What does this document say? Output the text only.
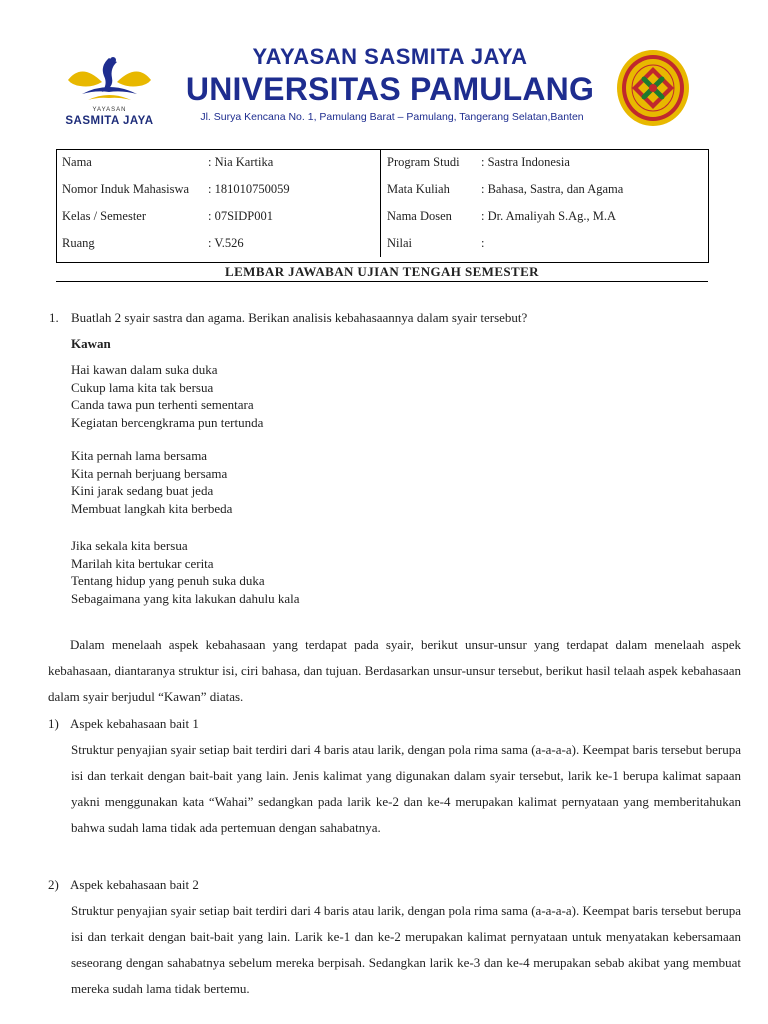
YAYASAN
SASMITA JAYA
YAYASAN SASMITA JAYA
UNIVERSITAS PAMULANG
Jl. Surya Kencana No. 1, Pamulang Barat – Pamulang, Tangerang Selatan,Banten
Nama	: Nia Kartika	Program Studi	: Sastra Indonesia
Nomor Induk Mahasiswa	: 181010750059	Mata Kuliah	: Bahasa, Sastra, dan Agama
Kelas / Semester	: 07SIDP001	Nama Dosen	: Dr. Amaliyah S.Ag., M.A
Ruang	: V.526	Nilai	:
LEMBAR JAWABAN UJIAN TENGAH SEMESTER
1. Buatlah 2 syair sastra dan agama. Berikan analisis kebahasaannya dalam syair tersebut?
Kawan
Hai kawan dalam suka duka
Cukup lama kita tak bersua
Canda tawa pun terhenti sementara
Kegiatan bercengkrama pun tertunda
Kita pernah lama bersama
Kita pernah berjuang bersama
Kini jarak sedang buat jeda
Membuat langkah kita berbeda
Jika sekala kita bersua
Marilah kita bertukar cerita
Tentang hidup yang penuh suka duka
Sebagaimana yang kita lakukan dahulu kala
Dalam menelaah aspek kebahasaan yang terdapat pada syair, berikut unsur-unsur yang terdapat dalam menelaah aspek kebahasaan, diantaranya struktur isi, ciri bahasa, dan tujuan. Berdasarkan unsur-unsur tersebut, berikut hasil telaah aspek kebahasaan dalam syair berjudul “Kawan” diatas.
1) Aspek kebahasaan bait 1
Struktur penyajian syair setiap bait terdiri dari 4 baris atau larik, dengan pola rima sama (a-a-a-a). Keempat baris tersebut berupa isi dan terkait dengan bait-bait yang lain. Jenis kalimat yang digunakan dalam syair tersebut, larik ke-1 berupa kalimat sapaan yakni menggunakan kata “Wahai” sedangkan pada larik ke-2 dan ke-4 merupakan kalimat pernyataan yang memberitahukan bahwa sudah lama tidak ada pertemuan dengan sahabatnya.
2) Aspek kebahasaan bait 2
Struktur penyajian syair setiap bait terdiri dari 4 baris atau larik, dengan pola rima sama (a-a-a-a). Keempat baris tersebut berupa isi dan terkait dengan bait-bait yang lain. Larik ke-1 dan ke-2 merupakan kalimat pernyataan untuk menyatakan kebersamaan seseorang dengan sahabatnya sebelum mereka berpisah. Sedangkan larik ke-3 dan ke-4 merupakan sebab akibat yang membuat mereka sudah lama tidak bertemu.
